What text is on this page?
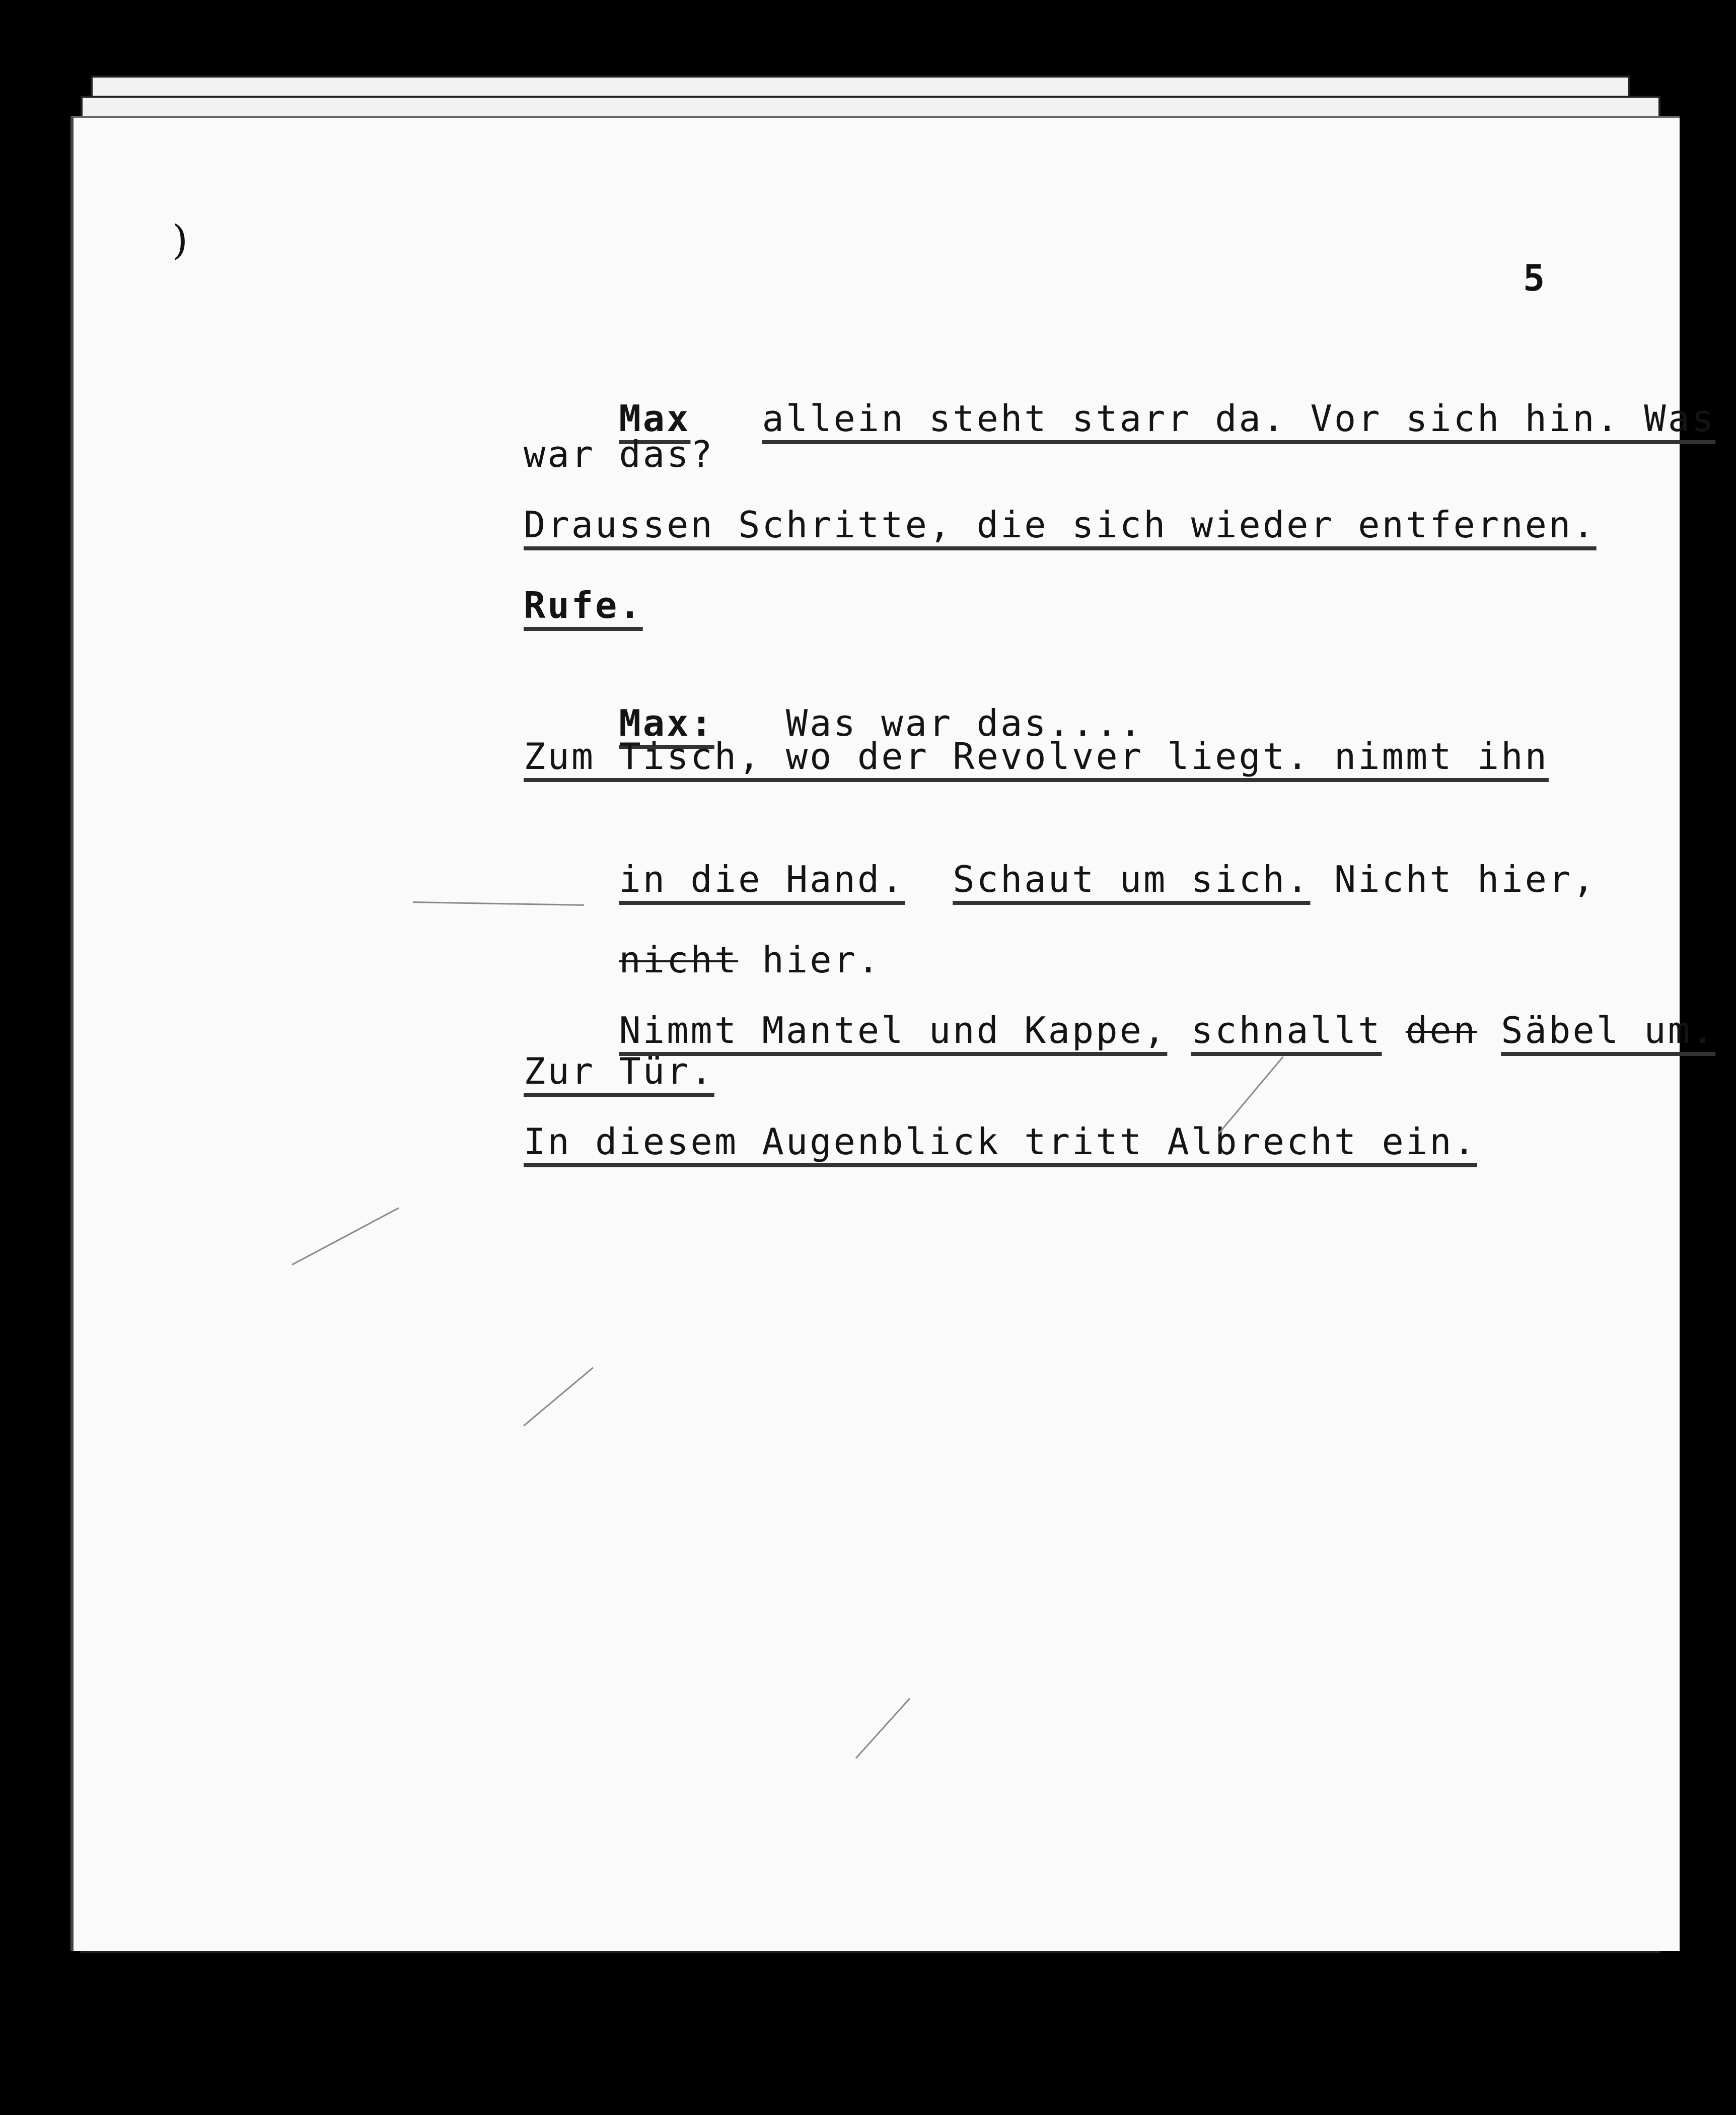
)
5

Max allein steht starr da. Vor sich hin. Was

war das?
Draussen Schritte, die sich wieder entfernen.
Rufe.

Max: Was war das....

Zum Tisch, wo der Revolver liegt. nimmt ihn

in die Hand. Schaut um sich. Nicht hier,

nicht hier.

Nimmt Mantel und Kappe, schnallt den Säbel um.

Zur Tür.
In diesem Augenblick tritt Albrecht ein.
